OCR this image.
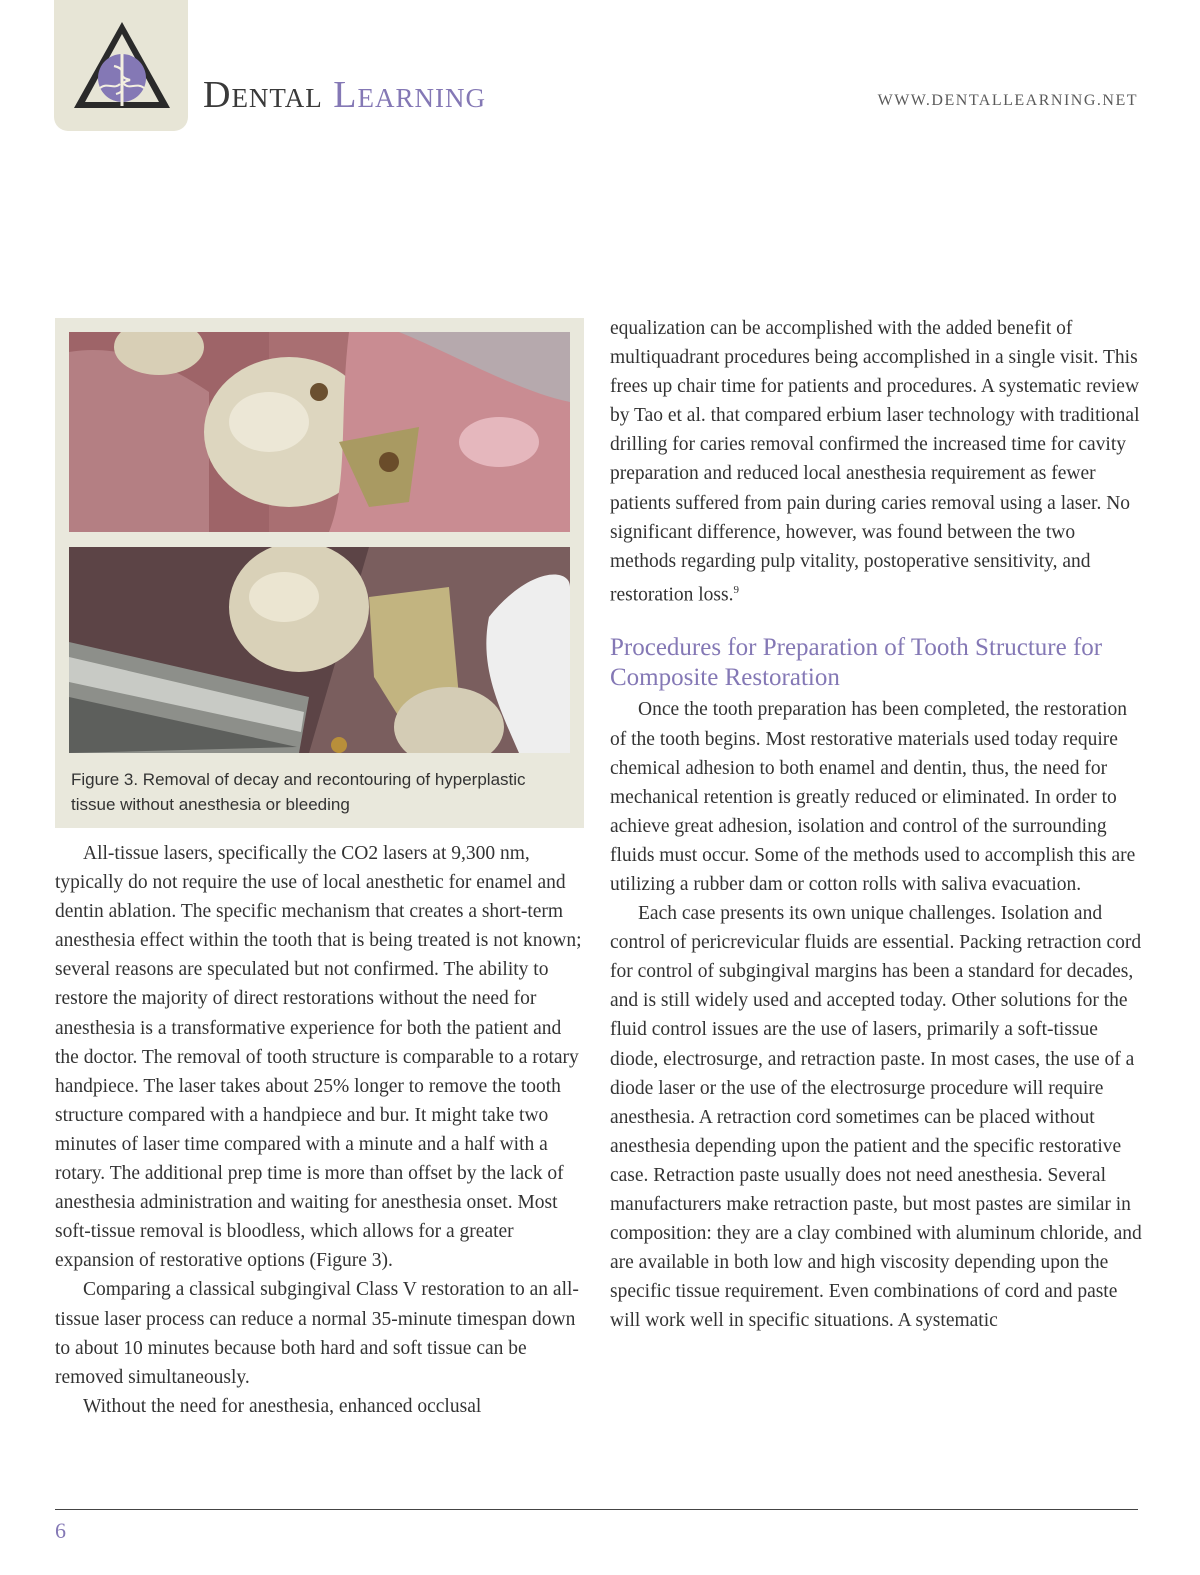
Dental Learning	WWW.DENTALLEARNING.NET
Figure 3. Removal of decay and recontouring of hyperplastic tissue without anesthesia or bleeding

All-tissue lasers, specifically the CO2 lasers at 9,300 nm, typically do not require the use of local anesthetic for enamel and dentin ablation. The specific mechanism that creates a short-term anesthesia effect within the tooth that is being treated is not known; several reasons are speculated but not confirmed. The ability to restore the majority of direct restorations without the need for anesthesia is a transformative experience for both the patient and the doctor. The removal of tooth structure is comparable to a rotary handpiece. The laser takes about 25% longer to remove the tooth structure compared with a handpiece and bur. It might take two minutes of laser time compared with a minute and a half with a rotary. The additional prep time is more than offset by the lack of anesthesia administration and waiting for anesthesia onset. Most soft-tissue removal is bloodless, which allows for a greater expansion of restorative options (Figure 3).

Comparing a classical subgingival Class V restoration to an all-tissue laser process can reduce a normal 35-minute timespan down to about 10 minutes because both hard and soft tissue can be removed simultaneously.

Without the need for anesthesia, enhanced occlusal

equalization can be accomplished with the added benefit of multiquadrant procedures being accomplished in a single visit. This frees up chair time for patients and procedures. A systematic review by Tao et al. that compared erbium laser technology with traditional drilling for caries removal confirmed the increased time for cavity preparation and reduced local anesthesia requirement as fewer patients suffered from pain during caries removal using a laser. No significant difference, however, was found between the two methods regarding pulp vitality, postoperative sensitivity, and restoration loss.$^9$

Procedures for Preparation of Tooth Structure for Composite Restoration

Once the tooth preparation has been completed, the restoration of the tooth begins. Most restorative materials used today require chemical adhesion to both enamel and dentin, thus, the need for mechanical retention is greatly reduced or eliminated. In order to achieve great adhesion, isolation and control of the surrounding fluids must occur. Some of the methods used to accomplish this are utilizing a rubber dam or cotton rolls with saliva evacuation.

Each case presents its own unique challenges. Isolation and control of pericrevicular fluids are essential. Packing retraction cord for control of subgingival margins has been a standard for decades, and is still widely used and accepted today. Other solutions for the fluid control issues are the use of lasers, primarily a soft-tissue diode, electrosurge, and retraction paste. In most cases, the use of a diode laser or the use of the electrosurge procedure will require anesthesia. A retraction cord sometimes can be placed without anesthesia depending upon the patient and the specific restorative case. Retraction paste usually does not need anesthesia. Several manufacturers make retraction paste, but most pastes are similar in composition: they are a clay combined with aluminum chloride, and are available in both low and high viscosity depending upon the specific tissue requirement. Even combinations of cord and paste will work well in specific situations. A systematic

6
